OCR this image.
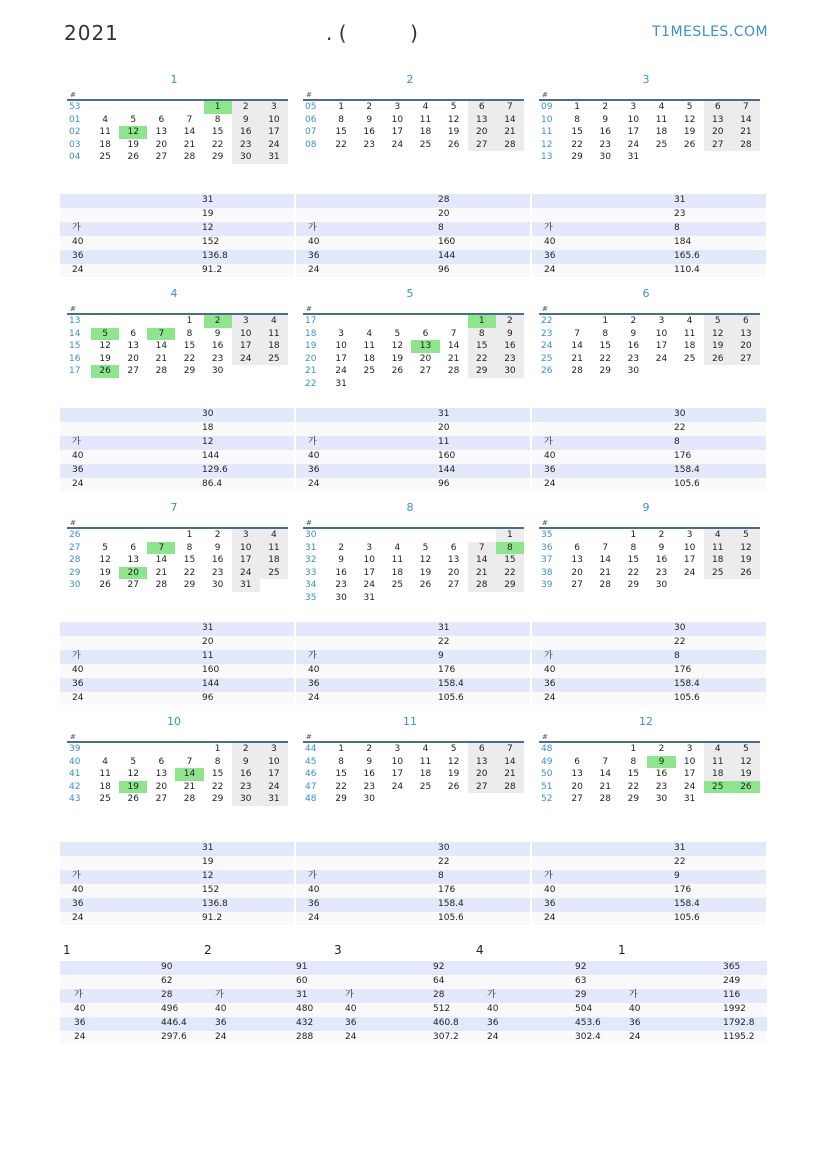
2021	. (          )	T1MESLES.COM
1
#
53					1	2	3
01	4	5	6	7	8	9	10
02	11	12	13	14	15	16	17
03	18	19	20	21	22	23	24
04	25	26	27	28	29	30	31
	31
	19
가	12
40	152
36	136.8
24	91.2
2
#
05	1	2	3	4	5	6	7
06	8	9	10	11	12	13	14
07	15	16	17	18	19	20	21
08	22	23	24	25	26	27	28
	28
	20
가	8
40	160
36	144
24	96
3
#
09	1	2	3	4	5	6	7
10	8	9	10	11	12	13	14
11	15	16	17	18	19	20	21
12	22	23	24	25	26	27	28
13	29	30	31				
	31
	23
가	8
40	184
36	165.6
24	110.4
4
#
13				1	2	3	4
14	5	6	7	8	9	10	11
15	12	13	14	15	16	17	18
16	19	20	21	22	23	24	25
17	26	27	28	29	30		
	30
	18
가	12
40	144
36	129.6
24	86.4
5
#
17						1	2
18	3	4	5	6	7	8	9
19	10	11	12	13	14	15	16
20	17	18	19	20	21	22	23
21	24	25	26	27	28	29	30
22	31						
	31
	20
가	11
40	160
36	144
24	96
6
#
22		1	2	3	4	5	6
23	7	8	9	10	11	12	13
24	14	15	16	17	18	19	20
25	21	22	23	24	25	26	27
26	28	29	30				
	30
	22
가	8
40	176
36	158.4
24	105.6
7
#
26				1	2	3	4
27	5	6	7	8	9	10	11
28	12	13	14	15	16	17	18
29	19	20	21	22	23	24	25
30	26	27	28	29	30	31	
	31
	20
가	11
40	160
36	144
24	96
8
#
30							1
31	2	3	4	5	6	7	8
32	9	10	11	12	13	14	15
33	16	17	18	19	20	21	22
34	23	24	25	26	27	28	29
35	30	31					
	31
	22
가	9
40	176
36	158.4
24	105.6
9
#
35			1	2	3	4	5
36	6	7	8	9	10	11	12
37	13	14	15	16	17	18	19
38	20	21	22	23	24	25	26
39	27	28	29	30			
	30
	22
가	8
40	176
36	158.4
24	105.6
10
#
39					1	2	3
40	4	5	6	7	8	9	10
41	11	12	13	14	15	16	17
42	18	19	20	21	22	23	24
43	25	26	27	28	29	30	31
	31
	19
가	12
40	152
36	136.8
24	91.2
11
#
44	1	2	3	4	5	6	7
45	8	9	10	11	12	13	14
46	15	16	17	18	19	20	21
47	22	23	24	25	26	27	28
48	29	30					
	30
	22
가	8
40	176
36	158.4
24	105.6
12
#
48			1	2	3	4	5
49	6	7	8	9	10	11	12
50	13	14	15	16	17	18	19
51	20	21	22	23	24	25	26
52	27	28	29	30	31		
	31
	22
가	9
40	176
36	158.4
24	105.6
1
	90
	62
가	28
40	496
36	446.4
24	297.6
2
	91
	60
가	31
40	480
36	432
24	288
3
	92
	64
가	28
40	512
36	460.8
24	307.2
4
	92
	63
가	29
40	504
36	453.6
24	302.4
1
	365
	249
가	116
40	1992
36	1792.8
24	1195.2
